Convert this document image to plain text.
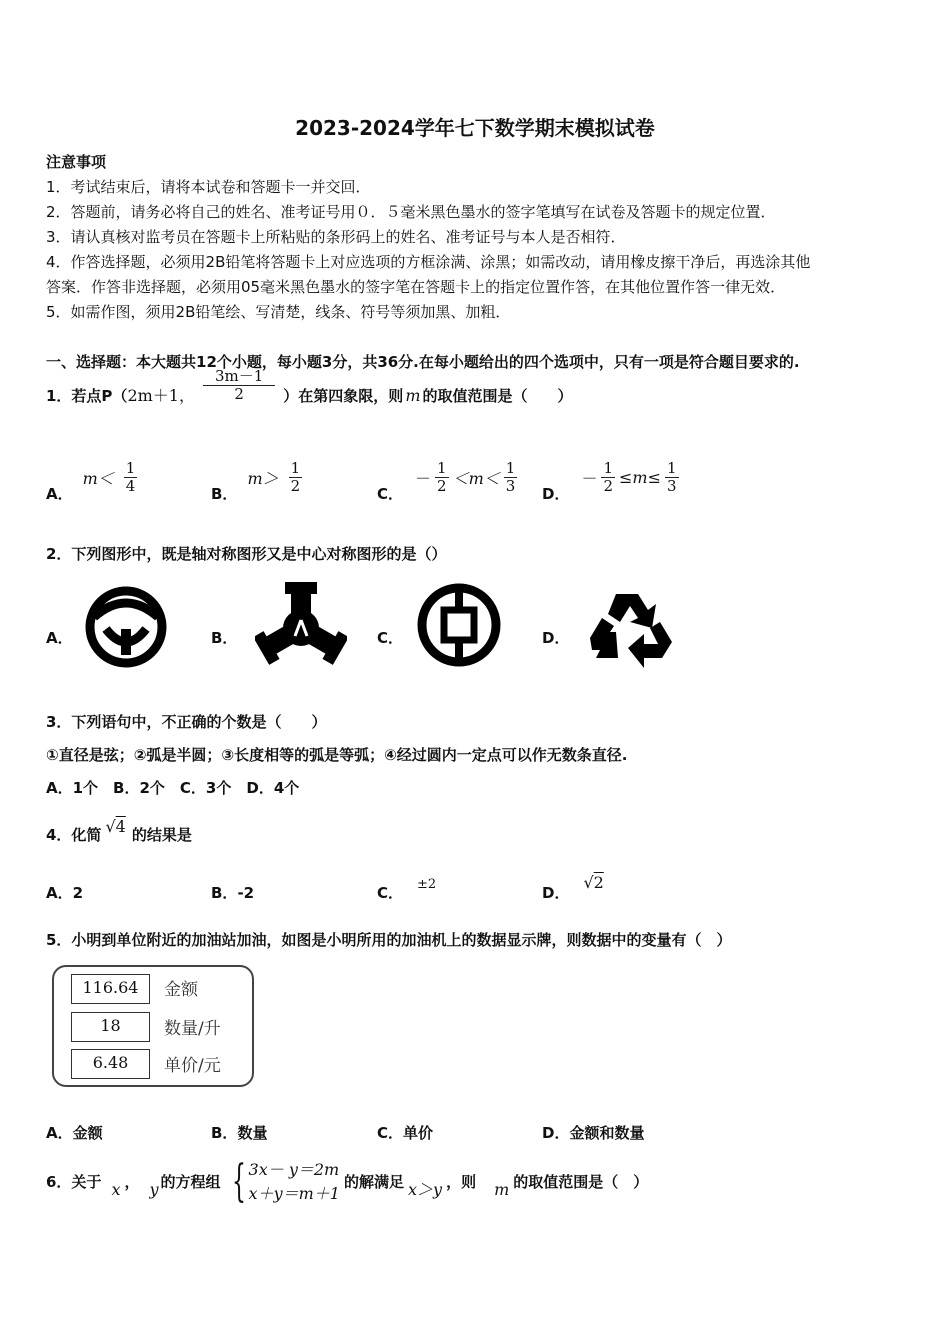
2023-2024学年七下数学期末模拟试卷
注意事项
1．考试结束后，请将本试卷和答题卡一并交回．
2．答题前，请务必将自己的姓名、准考证号用０．５毫米黑色墨水的签字笔填写在试卷及答题卡的规定位置．
3．请认真核对监考员在答题卡上所粘贴的条形码上的姓名、准考证号与本人是否相符．
4．作答选择题，必须用2B铅笔将答题卡上对应选项的方框涂满、涂黑；如需改动，请用橡皮擦干净后，再选涂其他
答案．作答非选择题，必须用05毫米黑色墨水的签字笔在答题卡上的指定位置作答，在其他位置作答一律无效．
5．如需作图，须用2B铅笔绘、写清楚，线条、符号等须加黑、加粗．
一、选择题：本大题共12个小题，每小题3分，共36分.在每小题给出的四个选项中，只有一项是符合题目要求的.
1．若点P（ 2m＋1， $\frac{3m-1}{2}$ ）在第四象限，则 m 的取值范围是（　　）
A．
$m< \frac{1}{4}$	B．
$m> \frac{1}{2}$	C．
－ $\frac{1}{2} <m< \frac{1}{3}$ D．
－ $\frac{1}{2} \le m\le \frac{1}{3}$
2．下列图形中，既是轴对称图形又是中心对称图形的是（）
A．	B．	C．	D．
3．下列语句中，不正确的个数是（　　）
①直径是弦；②弧是半圆；③长度相等的弧是等弧；④经过圆内一定点可以作无数条直径.
A．1个　B．2个　C．3个　D．4个
4．化简 √4 的结果是
A．2	B．-2	C． ±2	D．
√2
5．小明到单位附近的加油站加油，如图是小明所用的加油机上的数据显示牌，则数据中的变量有（　）
116.64	金额
18	数量/升
6.48	单价/元
A．金额	B．数量	C．单价	D．金额和数量
6．关于 x ， y 的方程组 { 3x－ y＝2m
x＋y＝m＋1
的解满足 x＞y ，则 m 的取值范围是（　）
